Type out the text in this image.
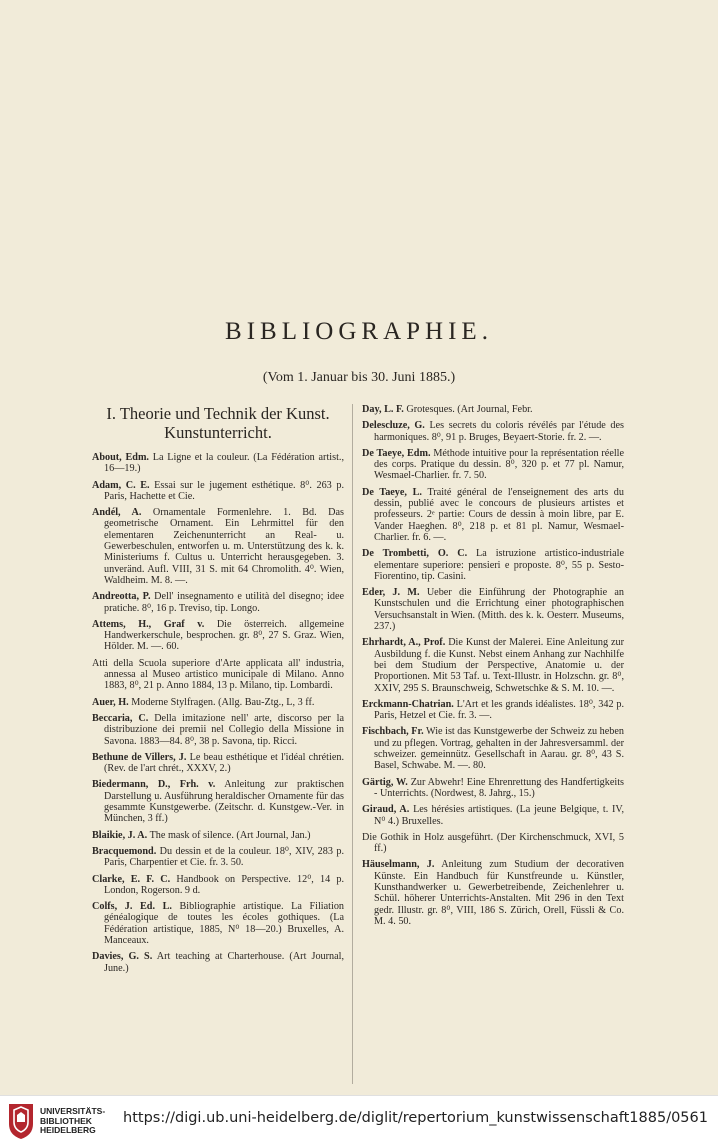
BIBLIOGRAPHIE.
(Vom 1. Januar bis 30. Juni 1885.)
I. Theorie und Technik der Kunst. Kunstunterricht.

About, Edm. La Ligne et la couleur. (La Fédération artist., 16—19.)

Adam, C. E. Essai sur le jugement esthétique. 8⁰. 263 p. Paris, Hachette et Cie.

Andél, A. Ornamentale Formenlehre. 1. Bd. Das geometrische Ornament. Ein Lehrmittel für den elementaren Zeichenunterricht an Real- u. Gewerbeschulen, entworfen u. m. Unterstützung des k. k. Ministeriums f. Cultus u. Unterricht herausgegeben. 3. unveränd. Aufl. VIII, 31 S. mit 64 Chromolith. 4⁰. Wien, Waldheim. M. 8. —.

Andreotta, P. Dell' insegnamento e utilità del disegno; idee pratiche. 8⁰, 16 p. Treviso, tip. Longo.

Attems, H., Graf v. Die österreich. allgemeine Handwerkerschule, besprochen. gr. 8⁰, 27 S. Graz. Wien, Hölder. M. —. 60.

Atti della Scuola superiore d'Arte applicata all' industria, annessa al Museo artistico municipale di Milano. Anno 1883, 8⁰, 21 p. Anno 1884, 13 p. Milano, tip. Lombardi.

Auer, H. Moderne Stylfragen. (Allg. Bau-Ztg., L, 3 ff.

Beccaria, C. Della imitazione nell' arte, discorso per la distribuzione dei premii nel Collegio della Missione in Savona. 1883—84. 8⁰, 38 p. Savona, tip. Ricci.

Bethune de Villers, J. Le beau esthétique et l'idéal chrétien. (Rev. de l'art chrét., XXXV, 2.)

Biedermann, D., Frh. v. Anleitung zur praktischen Darstellung u. Ausführung heraldischer Ornamente für das gesammte Kunstgewerbe. (Zeitschr. d. Kunstgew.-Ver. in München, 3 ff.)

Blaikie, J. A. The mask of silence. (Art Journal, Jan.)

Bracquemond. Du dessin et de la couleur. 18⁰, XIV, 283 p. Paris, Charpentier et Cie. fr. 3. 50.

Clarke, E. F. C. Handbook on Perspective. 12⁰, 14 p. London, Rogerson. 9 d.

Colfs, J. Ed. L. Bibliographie artistique. La Filiation généalogique de toutes les écoles gothiques. (La Fédération artistique, 1885, N⁰ 18—20.) Bruxelles, A. Manceaux.

Davies, G. S. Art teaching at Charterhouse. (Art Journal, June.)

Day, L. F. Grotesques. (Art Journal, Febr.

Delescluze, G. Les secrets du coloris révélés par l'étude des harmoniques. 8⁰, 91 p. Bruges, Beyaert-Storie. fr. 2. —.

De Taeye, Edm. Méthode intuitive pour la représentation réelle des corps. Pratique du dessin. 8⁰, 320 p. et 77 pl. Namur, Wesmael-Charlier. fr. 7. 50.

De Taeye, L. Traité général de l'enseignement des arts du dessin, publié avec le concours de plusieurs artistes et professeurs. 2ᵉ partie: Cours de dessin à moin libre, par E. Vander Haeghen. 8⁰, 218 p. et 81 pl. Namur, Wesmael-Charlier. fr. 6. —.

De Trombetti, O. C. La istruzione artistico-industriale elementare superiore: pensieri e proposte. 8⁰, 55 p. Sesto-Fiorentino, tip. Casini.

Eder, J. M. Ueber die Einführung der Photographie an Kunstschulen und die Errichtung einer photographischen Versuchsanstalt in Wien. (Mitth. des k. k. Oesterr. Museums, 237.)

Ehrhardt, A., Prof. Die Kunst der Malerei. Eine Anleitung zur Ausbildung f. die Kunst. Nebst einem Anhang zur Nachhilfe bei dem Studium der Perspective, Anatomie u. der Proportionen. Mit 53 Taf. u. Text-Illustr. in Holzschn. gr. 8⁰, XXIV, 295 S. Braunschweig, Schwetschke & S. M. 10. —.

Erckmann-Chatrian. L'Art et les grands idéalistes. 18⁰, 342 p. Paris, Hetzel et Cie. fr. 3. —.

Fischbach, Fr. Wie ist das Kunstgewerbe der Schweiz zu heben und zu pflegen. Vortrag, gehalten in der Jahresversamml. der schweizer. gemeinnütz. Gesellschaft in Aarau. gr. 8⁰, 43 S. Basel, Schwabe. M. —. 80.

Gärtig, W. Zur Abwehr! Eine Ehrenrettung des Handfertigkeits - Unterrichts. (Nordwest, 8. Jahrg., 15.)

Giraud, A. Les hérésies artistiques. (La jeune Belgique, t. IV, N⁰ 4.) Bruxelles.

Die Gothik in Holz ausgeführt. (Der Kirchenschmuck, XVI, 5 ff.)

Häuselmann, J. Anleitung zum Studium der decorativen Künste. Ein Handbuch für Kunstfreunde u. Künstler, Kunsthandwerker u. Gewerbetreibende, Zeichenlehrer u. Schül. höherer Unterrichts-Anstalten. Mit 296 in den Text gedr. Illustr. gr. 8⁰, VIII, 186 S. Zürich, Orell, Füssli & Co. M. 4. 50.

UNIVERSITÄTS-
BIBLIOTHEK
HEIDELBERG
https://digi.ub.uni-heidelberg.de/diglit/repertorium_kunstwissenschaft1885/0561
